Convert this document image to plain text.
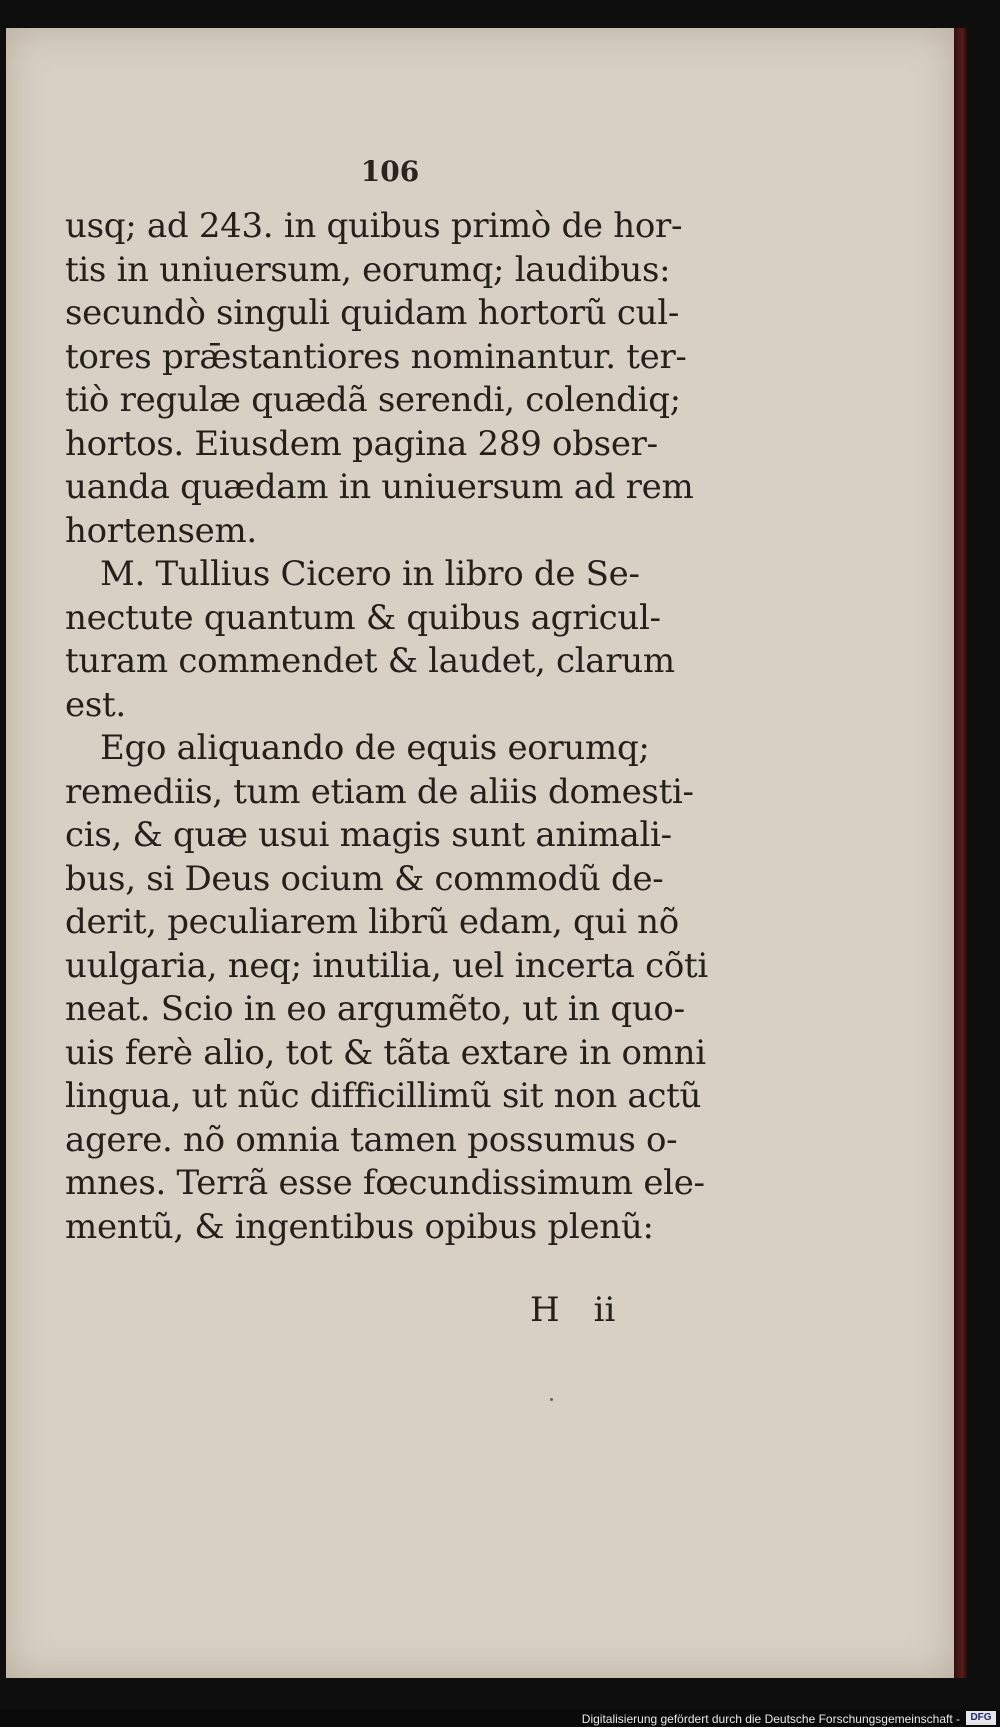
106
usq; ad 243. in quibus primò de hor-
tis in uniuersum, eorumq; laudibus:
secundò singuli quidam hortorũ cul-
tores prǣstantiores nominantur. ter-
tiò regulæ quædã serendi, colendiq;
hortos. Eiusdem pagina 289 obser-
uanda quædam in uniuersum ad rem
hortensem.
M. Tullius Cicero in libro de Se-
nectute quantum & quibus agricul-
turam commendet & laudet, clarum
est.
Ego aliquando de equis eorumq;
remediis, tum etiam de aliis domesti-
cis, & quæ usui magis sunt animali-
bus, si Deus ocium & commodũ de-
derit, peculiarem librũ edam, qui nõ
uulgaria, neq; inutilia, uel incerta cõti
neat. Scio in eo argumẽto, ut in quo-
uis ferè alio, tot & tãta extare in omni
lingua, ut nũc difficillimũ sit non actũ
agere. nõ omnia tamen possumus o-
mnes. Terrã esse fœcundissimum ele-
mentũ, & ingentibus opibus plenũ:
H ii
Digitalisierung gefördert durch die Deutsche Forschungsgemeinschaft -	DFG
